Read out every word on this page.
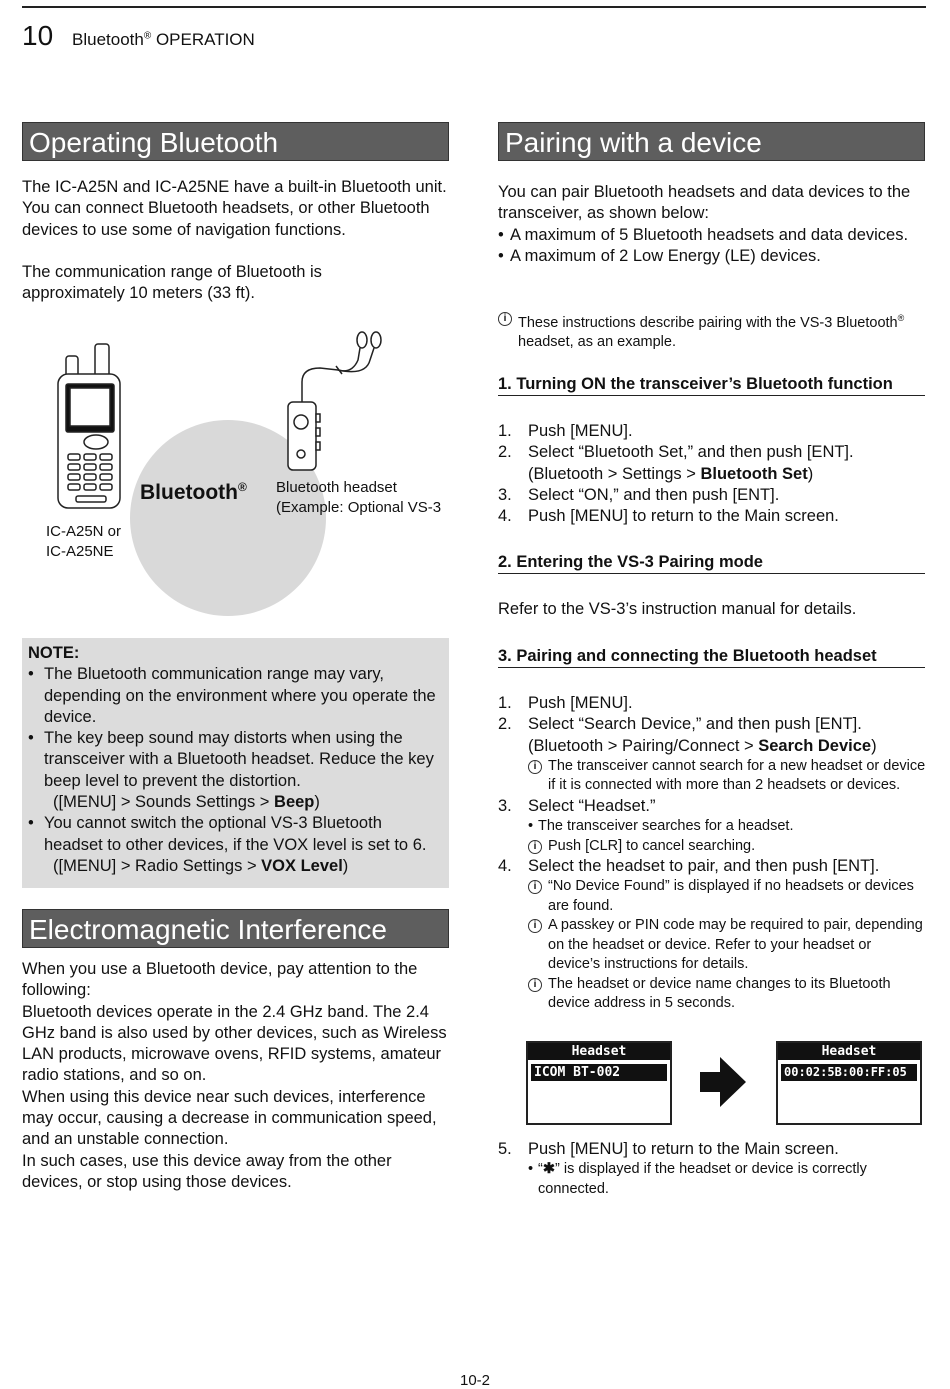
10 Bluetooth® OPERATION
Operating Bluetooth

The IC-A25N and IC-A25NE have a built-in Bluetooth unit. You can connect Bluetooth headsets, or other Bluetooth devices to use some of navigation functions.

The communication range of Bluetooth is approximately 10 meters (33 ft).

Bluetooth® Bluetooth headset
(Example: Optional VS-3
IC-A25N or
IC-A25NE
NOTE:
• The Bluetooth communication range may vary, depending on the environment where you operate the device.
• The key beep sound may distorts when using the transceiver with a Bluetooth headset. Reduce the key beep level to prevent the distortion.
([MENU] > Sounds Settings > Beep)
• You cannot switch the optional VS-3 Bluetooth headset to other devices, if the VOX level is set to 6.
([MENU] > Radio Settings > VOX Level)
Electromagnetic Interference

When you use a Bluetooth device, pay attention to the following:

Bluetooth devices operate in the 2.4 GHz band. The 2.4 GHz band is also used by other devices, such as Wireless LAN products, microwave ovens, RFID systems, amateur radio stations, and so on.

When using this device near such devices, interference may occur, causing a decrease in communication speed, and an unstable connection.

In such cases, use this device away from the other devices, or stop using those devices.

Pairing with a device

You can pair Bluetooth headsets and data devices to the transceiver, as shown below:

• A maximum of 5 Bluetooth headsets and data devices.
• A maximum of 2 Low Energy (LE) devices.
i These instructions describe pairing with the VS-3 Bluetooth® headset, as an example.
1. Turning ON the transceiver’s Bluetooth function
1. Push [MENU].
2. Select “Bluetooth Set,” and then push [ENT].
(Bluetooth > Settings > Bluetooth Set)
3. Select “ON,” and then push [ENT].
4. Push [MENU] to return to the Main screen.
2. Entering the VS-3 Pairing mode

Refer to the VS-3’s instruction manual for details.

3. Pairing and connecting the Bluetooth headset
1. Push [MENU].
2. Select “Search Device,” and then push [ENT].
(Bluetooth > Pairing/Connect > Search Device)
i The transceiver cannot search for a new headset or device if it is connected with more than 2 headsets or devices.
3. Select “Headset.”
• The transceiver searches for a headset.
i Push [CLR] to cancel searching.
4. Select the headset to pair, and then push [ENT].
i “No Device Found” is displayed if no headsets or devices are found.
i A passkey or PIN code may be required to pair, depending on the headset or device. Refer to your headset or device’s instructions for details.
i The headset or device name changes to its Bluetooth device address in 5 seconds.
Headset
ICOM BT-002
Headset
00:02:5B:00:FF:05
5. Push [MENU] to return to the Main screen.
• “✱” is displayed if the headset or device is correctly connected.
10-2
